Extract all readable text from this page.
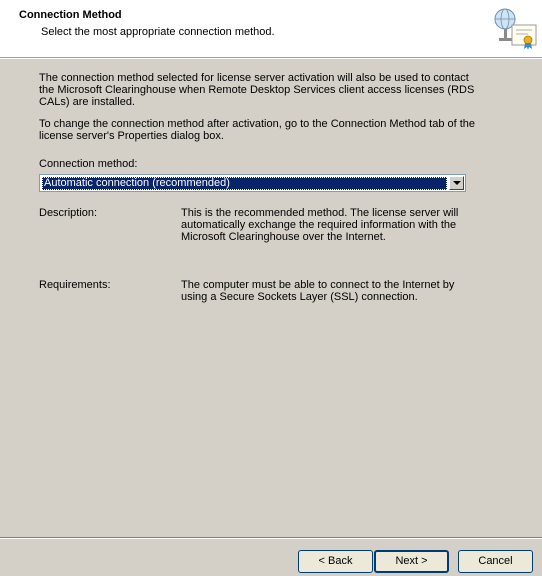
Connection Method
Select the most appropriate connection method.
The connection method selected for license server activation will also be used to contact the Microsoft Clearinghouse when Remote Desktop Services client access licenses (RDS CALs) are installed.
To change the connection method after activation, go to the Connection Method tab of the license server's Properties dialog box.
Connection method:
Automatic connection (recommended)
Description:	This is the recommended method. The license server will automatically exchange the required information with the Microsoft Clearinghouse over the Internet.
Requirements:	The computer must be able to connect to the Internet by using a Secure Sockets Layer (SSL) connection.
< Back	Next >	Cancel
